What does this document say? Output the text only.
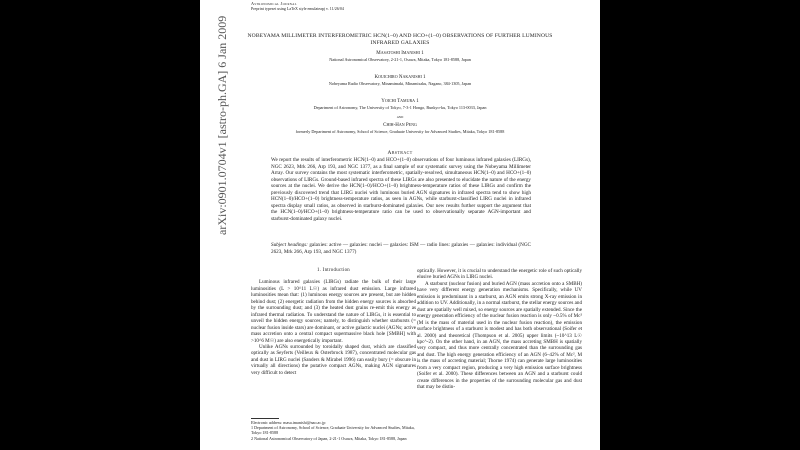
Astronomical Journal
Preprint typeset using LaTeX style emulateapj v. 11/26/04
arXiv:0901.0704v1 [astro-ph.GA] 6 Jan 2009	NOBEYAMA MILLIMETER INTERFEROMETRIC HCN(1–0) AND HCO+(1–0) OBSERVATIONS OF FURTHER LUMINOUS INFRARED GALAXIES
Masatoshi Imanishi 1
National Astronomical Observatory, 2-21-1, Osawa, Mitaka, Tokyo 181-8588, Japan
Kouichiro Nakanishi 1
Nobeyama Radio Observatory, Minamimaki, Minamisaku, Nagano, 384-1305, Japan
Yoichi Tamura 1
Department of Astronomy, The University of Tokyo, 7-3-1 Hongo, Bunkyo-ku, Tokyo 113-0033, Japan
and
Chih-Han Peng
formerly Department of Astronomy, School of Science, Graduate University for Advanced Studies, Mitaka, Tokyo 181-8588
Abstract
We report the results of interferometric HCN(1–0) and HCO+(1–0) observations of four luminous infrared galaxies (LIRGs), NGC 2623, Mrk 266, Arp 193, and NGC 1377, as a final sample of our systematic survey using the Nobeyama Millimeter Array. Our survey contains the most systematic interferometric, spatially-resolved, simultaneous HCN(1–0) and HCO+(1–0) observations of LIRGs. Ground-based infrared spectra of these LIRGs are also presented to elucidate the nature of the energy sources at the nuclei. We derive the HCN(1–0)/HCO+(1–0) brightness-temperature ratios of these LIRGs and confirm the previously discovered trend that LIRG nuclei with luminous buried AGN signatures in infrared spectra tend to show high HCN(1–0)/HCO+(1–0) brightness-temperature ratios, as seen in AGNs, while starburst-classified LIRG nuclei in infrared spectra display small ratios, as observed in starburst-dominated galaxies. Our new results further support the argument that the HCN(1–0)/HCO+(1–0) brightness-temperature ratio can be used to observationally separate AGN-important and starburst-dominated galaxy nuclei.
Subject headings: galaxies: active — galaxies: nuclei — galaxies: ISM — radio lines: galaxies — galaxies: individual (NGC 2623, Mrk 266, Arp 193, and NGC 1377)
1. Introduction

Luminous infrared galaxies (LIRGs) radiate the bulk of their large luminosities (L > 10^11 L☉) as infrared dust emission. Large infrared luminosities mean that: (1) luminous energy sources are present, but are hidden behind dust; (2) energetic radiation from the hidden energy sources is absorbed by the surrounding dust; and (3) the heated dust grains re-emit this energy as infrared thermal radiation. To understand the nature of LIRGs, it is essential to unveil the hidden energy sources; namely, to distinguish whether starbursts (= nuclear fusion inside stars) are dominant, or active galactic nuclei (AGNs; active mass accretion onto a central compact supermassive black hole [SMBH] with >10^6 M☉) are also energetically important.

Unlike AGNs surrounded by toroidally shaped dust, which are classified optically as Seyferts (Veilleux & Osterbrock 1987), concentrated molecular gas and dust in LIRG nuclei (Sanders & Mirabel 1996) can easily bury (= obscure in virtually all directions) the putative compact AGNs, making AGN signatures very difficult to detect

Electronic address: masa.imanishi@nao.ac.jp
1 Department of Astronomy, School of Science, Graduate University for Advanced Studies, Mitaka, Tokyo 181-8588
2 National Astronomical Observatory of Japan, 2-21-1 Osawa, Mitaka, Tokyo 181-8588, Japan

optically. However, it is crucial to understand the energetic role of such optically elusive buried AGNs in LIRG nuclei.

A starburst (nuclear fusion) and buried AGN (mass accretion onto a SMBH) have very different energy generation mechanisms. Specifically, while UV emission is predominant in a starburst, an AGN emits strong X-ray emission in addition to UV. Additionally, in a normal starburst, the stellar energy sources and dust are spatially well mixed, so energy sources are spatially extended. Since the energy generation efficiency of the nuclear fusion reaction is only ~0.5% of Mc² (M is the mass of material used in the nuclear fusion reaction), the emission surface brightness of a starburst is modest and has both observational (Soifer et al. 2000) and theoretical (Thompson et al. 2005) upper limits (~10^13 L☉ kpc^-2). On the other hand, in an AGN, the mass accreting SMBH is spatially very compact, and thus more centrally concentrated than the surrounding gas and dust. The high energy generation efficiency of an AGN (6–42% of Mc², M is the mass of accreting material; Thorne 1974) can generate large luminosities from a very compact region, producing a very high emission surface brightness (Soifer et al. 2000). These differences between an AGN and a starburst could create differences in the properties of the surrounding molecular gas and dust that may be distin-
